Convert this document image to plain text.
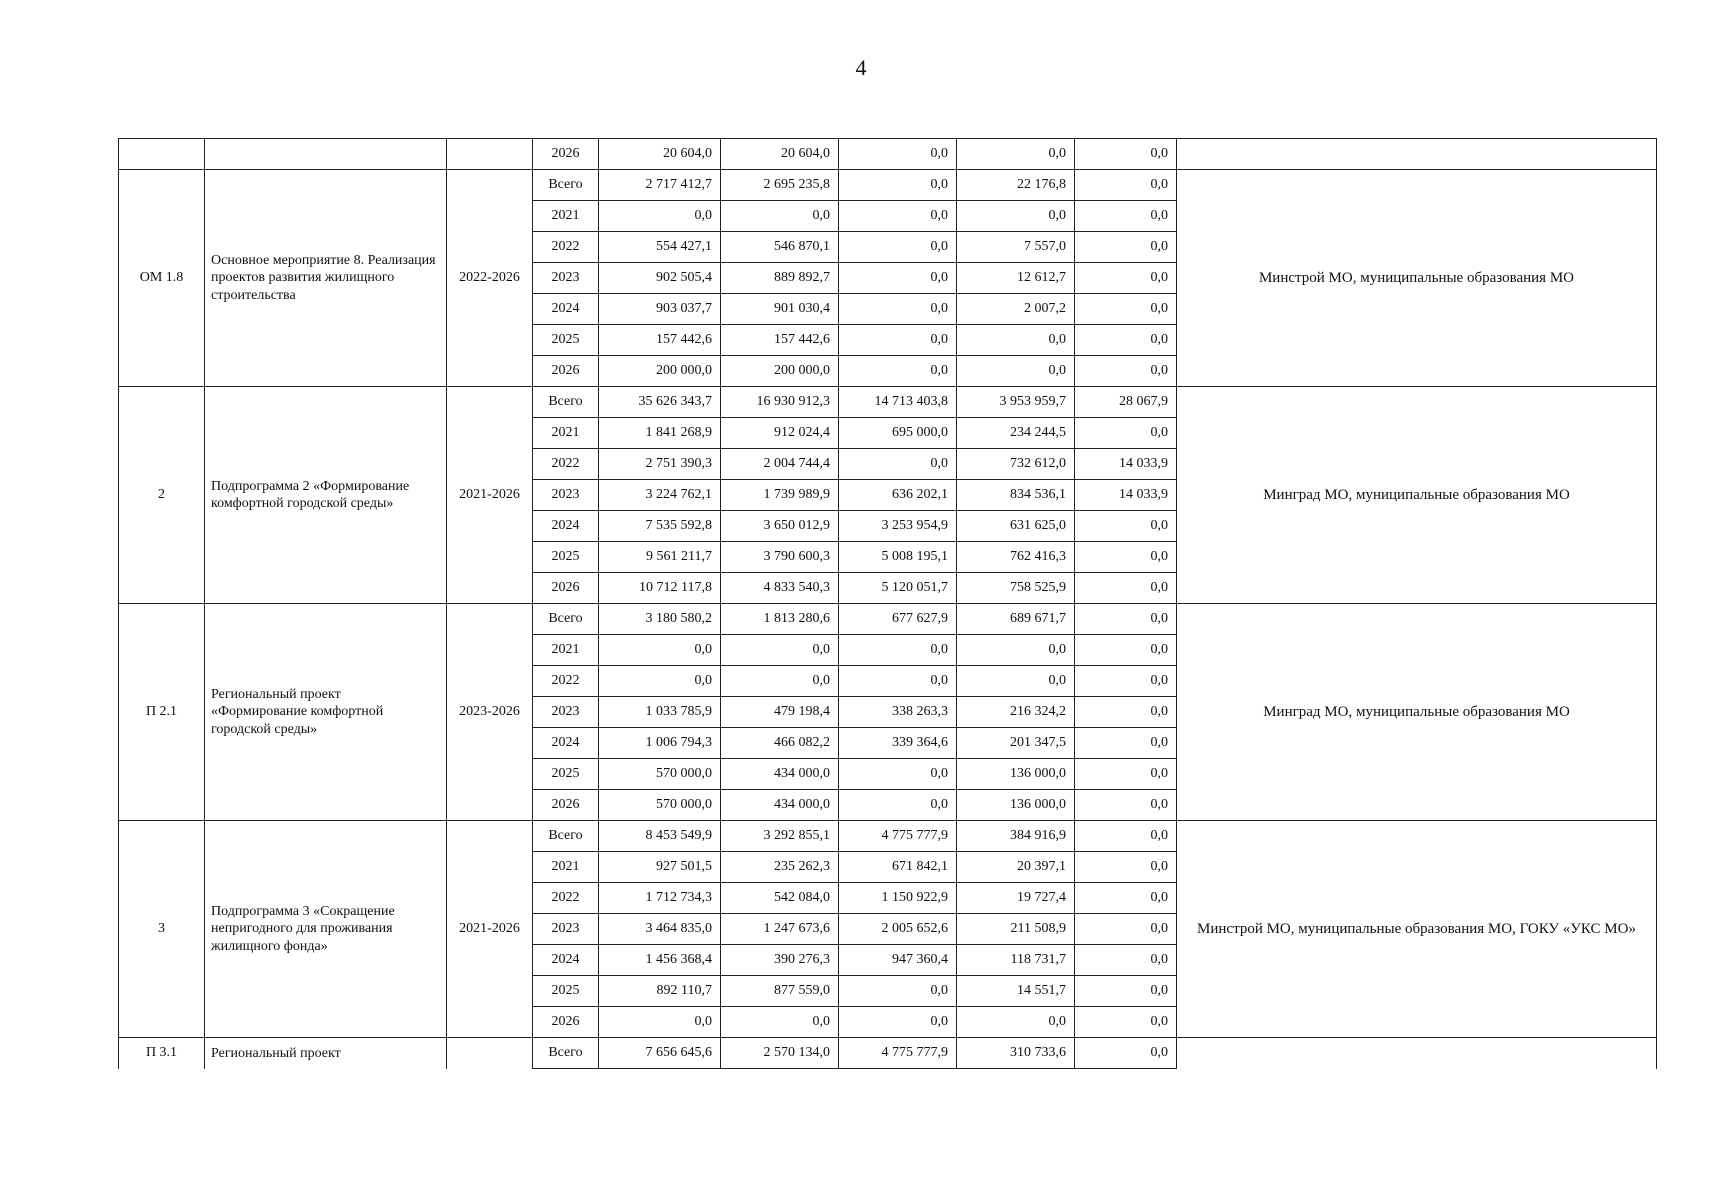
4
			2026	20 604,0	20 604,0	0,0	0,0	0,0	
ОМ 1.8	Основное мероприятие 8. Реализация проектов развития жилищного строительства	2022-2026	Всего	2 717 412,7	2 695 235,8	0,0	22 176,8	0,0	Минстрой МО, муниципальные образования МО
			2021	0,0	0,0	0,0	0,0	0,0	
			2022	554 427,1	546 870,1	0,0	7 557,0	0,0	
			2023	902 505,4	889 892,7	0,0	12 612,7	0,0	
			2024	903 037,7	901 030,4	0,0	2 007,2	0,0	
			2025	157 442,6	157 442,6	0,0	0,0	0,0	
			2026	200 000,0	200 000,0	0,0	0,0	0,0	
2	Подпрограмма 2 «Формирование комфортной городской среды»	2021-2026	Всего	35 626 343,7	16 930 912,3	14 713 403,8	3 953 959,7	28 067,9	Минград МО, муниципальные образования МО
			2021	1 841 268,9	912 024,4	695 000,0	234 244,5	0,0	
			2022	2 751 390,3	2 004 744,4	0,0	732 612,0	14 033,9	
			2023	3 224 762,1	1 739 989,9	636 202,1	834 536,1	14 033,9	
			2024	7 535 592,8	3 650 012,9	3 253 954,9	631 625,0	0,0	
			2025	9 561 211,7	3 790 600,3	5 008 195,1	762 416,3	0,0	
			2026	10 712 117,8	4 833 540,3	5 120 051,7	758 525,9	0,0	
П 2.1	Региональный проект «Формирование комфортной городской среды»	2023-2026	Всего	3 180 580,2	1 813 280,6	677 627,9	689 671,7	0,0	Минград МО, муниципальные образования МО
			2021	0,0	0,0	0,0	0,0	0,0	
			2022	0,0	0,0	0,0	0,0	0,0	
			2023	1 033 785,9	479 198,4	338 263,3	216 324,2	0,0	
			2024	1 006 794,3	466 082,2	339 364,6	201 347,5	0,0	
			2025	570 000,0	434 000,0	0,0	136 000,0	0,0	
			2026	570 000,0	434 000,0	0,0	136 000,0	0,0	
3	Подпрограмма 3 «Сокращение непригодного для проживания жилищного фонда»	2021-2026	Всего	8 453 549,9	3 292 855,1	4 775 777,9	384 916,9	0,0	Минстрой МО, муниципальные образования МО, ГОКУ «УКС МО»
			2021	927 501,5	235 262,3	671 842,1	20 397,1	0,0	
			2022	1 712 734,3	542 084,0	1 150 922,9	19 727,4	0,0	
			2023	3 464 835,0	1 247 673,6	2 005 652,6	211 508,9	0,0	
			2024	1 456 368,4	390 276,3	947 360,4	118 731,7	0,0	
			2025	892 110,7	877 559,0	0,0	14 551,7	0,0	
			2026	0,0	0,0	0,0	0,0	0,0	
П 3.1	Региональный проект		Всего	7 656 645,6	2 570 134,0	4 775 777,9	310 733,6	0,0	
